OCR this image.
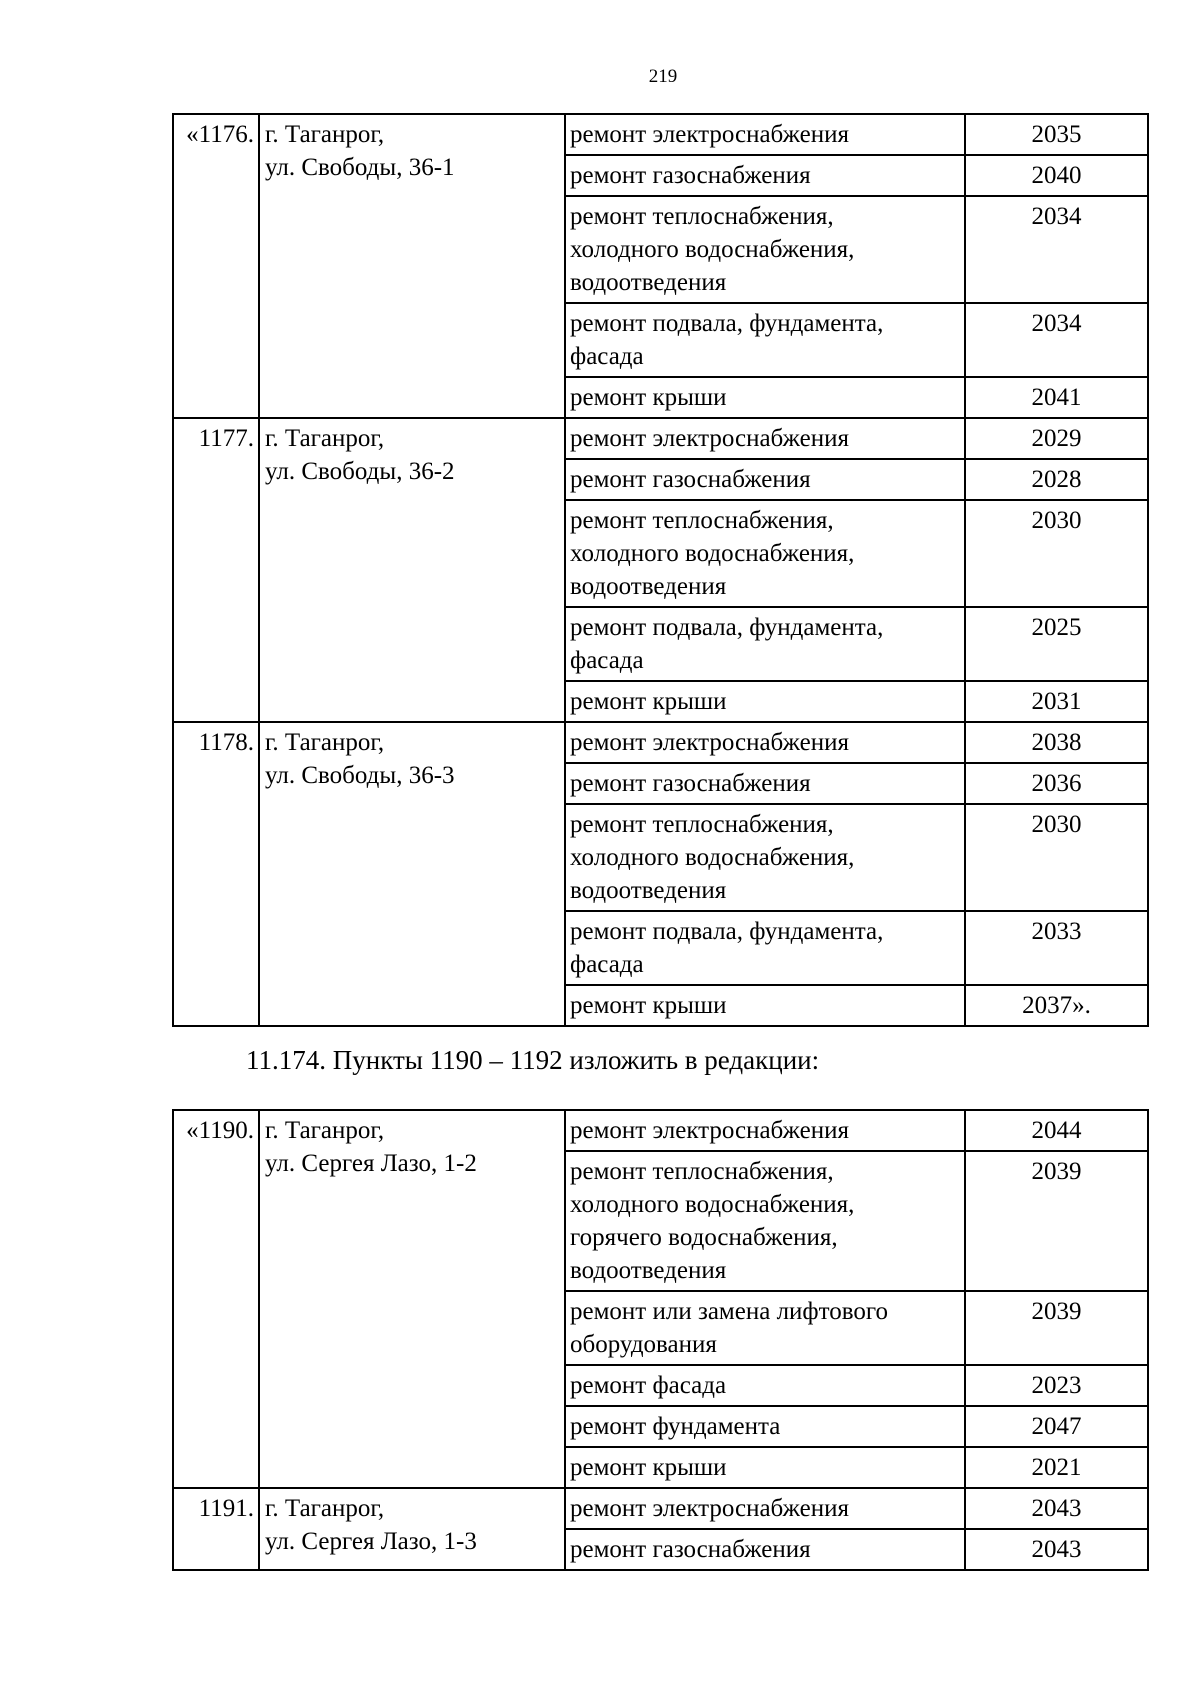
219
«1176.	г. Таганрог,
ул. Свободы, 36-1	ремонт электроснабжения	2035
		ремонт газоснабжения	2040
		ремонт теплоснабжения,
холодного водоснабжения,
водоотведения	2034
		ремонт подвала, фундамента,
фасада	2034
		ремонт крыши	2041
1177.	г. Таганрог,
ул. Свободы, 36-2	ремонт электроснабжения	2029
		ремонт газоснабжения	2028
		ремонт теплоснабжения,
холодного водоснабжения,
водоотведения	2030
		ремонт подвала, фундамента,
фасада	2025
		ремонт крыши	2031
1178.	г. Таганрог,
ул. Свободы, 36-3	ремонт электроснабжения	2038
		ремонт газоснабжения	2036
		ремонт теплоснабжения,
холодного водоснабжения,
водоотведения	2030
		ремонт подвала, фундамента,
фасада	2033
		ремонт крыши	2037».
11.174. Пункты 1190 – 1192 изложить в редакции:
«1190.	г. Таганрог,
ул. Сергея Лазо, 1-2	ремонт электроснабжения	2044
		ремонт теплоснабжения,
холодного водоснабжения,
горячего водоснабжения,
водоотведения	2039
		ремонт или замена лифтового
оборудования	2039
		ремонт фасада	2023
		ремонт фундамента	2047
		ремонт крыши	2021
1191.	г. Таганрог,
ул. Сергея Лазо, 1-3	ремонт электроснабжения	2043
		ремонт газоснабжения	2043
